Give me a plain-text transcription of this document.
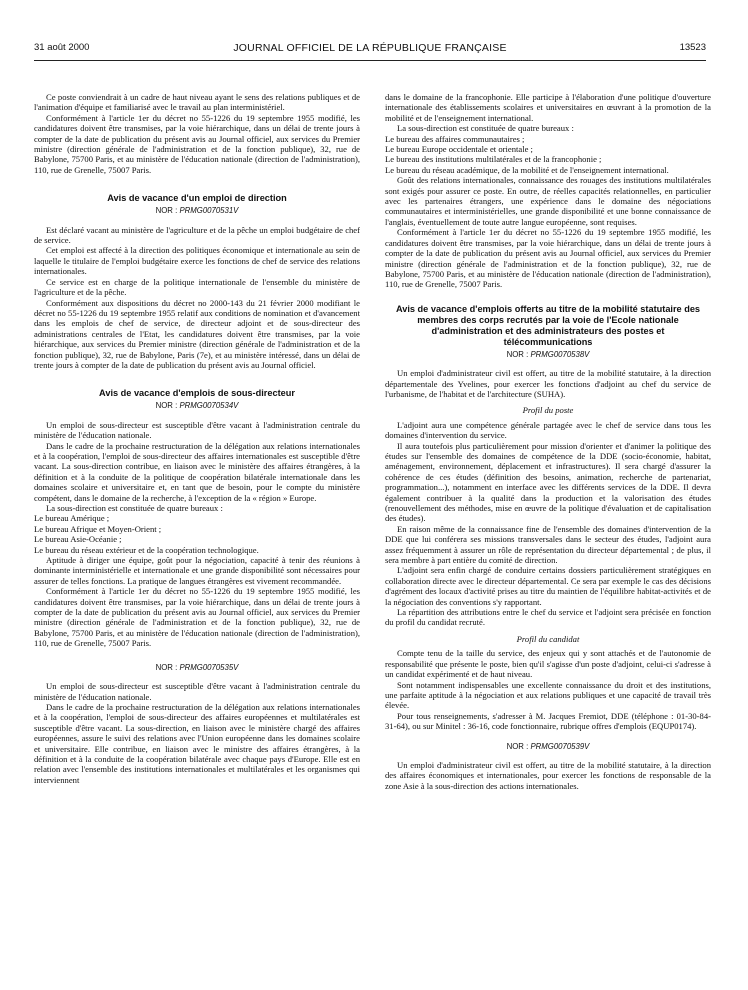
31 août 2000	JOURNAL OFFICIEL DE LA RÉPUBLIQUE FRANÇAISE	13523

Ce poste conviendrait à un cadre de haut niveau ayant le sens des relations publiques et de l'animation d'équipe et familiarisé avec le travail au plan interministériel.

Conformément à l'article 1er du décret no 55-1226 du 19 septembre 1955 modifié, les candidatures doivent être transmises, par la voie hiérarchique, dans un délai de trente jours à compter de la date de publication du présent avis au Journal officiel, aux services du Premier ministre (direction générale de l'administration et de la fonction publique), 32, rue de Babylone, 75700 Paris, et au ministère de l'éducation nationale (direction de l'administration), 110, rue de Grenelle, 75007 Paris.

Avis de vacance d'un emploi de direction
NOR : PRMG0070531V

Est déclaré vacant au ministère de l'agriculture et de la pêche un emploi budgétaire de chef de service.

Cet emploi est affecté à la direction des politiques économique et internationale au sein de laquelle le titulaire de l'emploi budgétaire exerce les fonctions de chef de service des relations internationales.

Ce service est en charge de la politique internationale de l'ensemble du ministère de l'agriculture et de la pêche.

Conformément aux dispositions du décret no 2000-143 du 21 février 2000 modifiant le décret no 55-1226 du 19 septembre 1955 relatif aux conditions de nomination et d'avancement dans les emplois de chef de service, de directeur adjoint et de sous-directeur des administrations centrales de l'Etat, les candidatures doivent être transmises, par la voie hiérarchique, aux services du Premier ministre (direction générale de l'administration et de la fonction publique), 32, rue de Babylone, Paris (7e), et au ministère intéressé, dans un délai de trente jours à compter de la date de publication du présent avis au Journal officiel.

Avis de vacance d'emplois de sous-directeur
NOR : PRMG0070534V

Un emploi de sous-directeur est susceptible d'être vacant à l'administration centrale du ministère de l'éducation nationale.

Dans le cadre de la prochaine restructuration de la délégation aux relations internationales et à la coopération, l'emploi de sous-directeur des affaires internationales est susceptible d'être vacant. La sous-direction contribue, en liaison avec le ministère des affaires étrangères, à la définition et à la conduite de la politique de coopération bilatérale internationale dans les domaines scolaire et universitaire et, en tant que de besoin, pour le compte du ministère compétent, dans le domaine de la recherche, à l'exception de la « région » Europe.

La sous-direction est constituée de quatre bureaux :

Le bureau Amérique ;

Le bureau Afrique et Moyen-Orient ;

Le bureau Asie-Océanie ;

Le bureau du réseau extérieur et de la coopération technologique.

Aptitude à diriger une équipe, goût pour la négociation, capacité à tenir des réunions à dominante interministérielle et internationale et une grande disponibilité sont nécessaires pour assurer de telles fonctions. La pratique de langues étrangères est vivement recommandée.

Conformément à l'article 1er du décret no 55-1226 du 19 septembre 1955 modifié, les candidatures doivent être transmises, par la voie hiérarchique, dans un délai de trente jours à compter de la date de publication du présent avis au Journal officiel, aux services du Premier ministre (direction générale de l'administration et de la fonction publique), 32, rue de Babylone, 75700 Paris, et au ministère de l'éducation nationale (direction de l'administration), 110, rue de Grenelle, 75007 Paris.

NOR : PRMG0070535V

Un emploi de sous-directeur est susceptible d'être vacant à l'administration centrale du ministère de l'éducation nationale.

Dans le cadre de la prochaine restructuration de la délégation aux relations internationales et à la coopération, l'emploi de sous-directeur des affaires européennes et multilatérales est susceptible d'être vacant. La sous-direction, en liaison avec le ministère chargé des affaires européennes, assure le suivi des relations avec l'Union européenne dans les domaines scolaire et universitaire. Elle contribue, en liaison avec le ministre des affaires étrangères, à la définition et à la conduite de la coopération bilatérale avec chaque pays d'Europe. Elle est en relation avec l'ensemble des institutions internationales et multilatérales et les organismes qui interviennent

dans le domaine de la francophonie. Elle participe à l'élaboration d'une politique d'ouverture internationale des établissements scolaires et universitaires en œuvrant à la promotion de la mobilité et de l'enseignement international.

La sous-direction est constituée de quatre bureaux :

Le bureau des affaires communautaires ;

Le bureau Europe occidentale et orientale ;

Le bureau des institutions multilatérales et de la francophonie ;

Le bureau du réseau académique, de la mobilité et de l'enseignement international.

Goût des relations internationales, connaissance des rouages des institutions multilatérales sont exigés pour assurer ce poste. En outre, de réelles capacités relationnelles, en particulier avec les partenaires étrangers, une expérience dans le domaine des négociations communautaires et interministérielles, une grande disponibilité et une bonne connaissance de l'anglais, éventuellement de toute autre langue européenne, sont requises.

Conformément à l'article 1er du décret no 55-1226 du 19 septembre 1955 modifié, les candidatures doivent être transmises, par la voie hiérarchique, dans un délai de trente jours à compter de la date de publication du présent avis au Journal officiel, aux services du Premier ministre (direction générale de l'administration et de la fonction publique), 32, rue de Babylone, 75700 Paris, et au ministère de l'éducation nationale (direction de l'administration), 110, rue de Grenelle, 75007 Paris.

Avis de vacance d'emplois offerts au titre de la mobilité statutaire des membres des corps recrutés par la voie de l'Ecole nationale d'administration et des administrateurs des postes et télécommunications
NOR : PRMG0070538V

Un emploi d'administrateur civil est offert, au titre de la mobilité statutaire, à la direction départementale des Yvelines, pour exercer les fonctions d'adjoint au chef du service de l'urbanisme, de l'habitat et de l'architecture (SUHA).

Profil du poste

L'adjoint aura une compétence générale partagée avec le chef de service dans tous les domaines d'intervention du service.

Il aura toutefois plus particulièrement pour mission d'orienter et d'animer la politique des études sur l'ensemble des domaines de compétence de la DDE (socio-économie, habitat, aménagement, environnement, déplacement et infrastructures). Il sera chargé d'assurer la cohérence de ces études (définition des besoins, animation, recherche de partenariat, programmation...), notamment en interface avec les différents services de la DDE. Il devra également contribuer à la qualité dans la production et la valorisation des études (renouvellement des méthodes, mise en œuvre de la politique d'évaluation et de capitalisation des études).

En raison même de la connaissance fine de l'ensemble des domaines d'intervention de la DDE que lui conférera ses missions transversales dans le secteur des études, l'adjoint aura assez fréquemment à assurer un rôle de représentation du directeur départemental ; de plus, il sera membre à part entière du comité de direction.

L'adjoint sera enfin chargé de conduire certains dossiers particulièrement stratégiques en collaboration directe avec le directeur départemental. Ce sera par exemple le cas des décisions d'agrément des locaux d'activité prises au titre du maintien de l'équilibre habitat-activités et de la négociation des conventions s'y rapportant.

La répartition des attributions entre le chef du service et l'adjoint sera précisée en fonction du profil du candidat recruté.

Profil du candidat

Compte tenu de la taille du service, des enjeux qui y sont attachés et de l'autonomie de responsabilité que présente le poste, bien qu'il s'agisse d'un poste d'adjoint, celui-ci s'adresse à un candidat expérimenté et de haut niveau.

Sont notamment indispensables une excellente connaissance du droit et des institutions, une parfaite aptitude à la négociation et aux relations publiques et une capacité de travail très élevée.

Pour tous renseignements, s'adresser à M. Jacques Fremiot, DDE (téléphone : 01-30-84-31-64), ou sur Minitel : 36-16, code fonctionnaire, rubrique offres d'emplois (EQUP0174).

NOR : PRMG0070539V

Un emploi d'administrateur civil est offert, au titre de la mobilité statutaire, à la direction des affaires économiques et internationales, pour exercer les fonctions de responsable de la zone Asie à la sous-direction des actions internationales.
